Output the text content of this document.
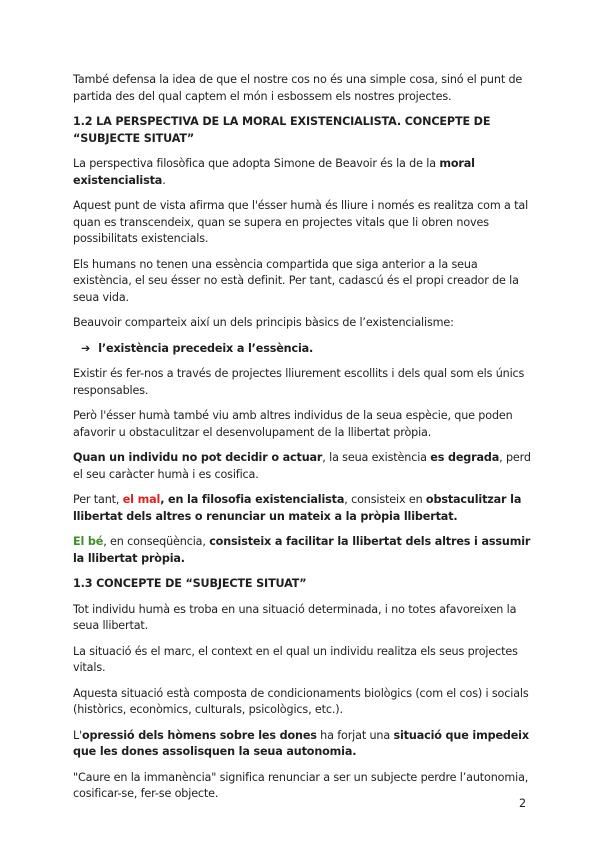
També defensa la idea de que el nostre cos no és una simple cosa, sinó el punt de partida des del qual captem el món i esbossem els nostres projectes.

1.2 LA PERSPECTIVA DE LA MORAL EXISTENCIALISTA. CONCEPTE DE “SUBJECTE SITUAT”

La perspectiva filosòfica que adopta Simone de Beavoir és la de la moral existencialista.

Aquest punt de vista afirma que l'ésser humà és lliure i només es realitza com a tal quan es transcendeix, quan se supera en projectes vitals que li obren noves possibilitats existencials.

Els humans no tenen una essència compartida que siga anterior a la seua existència, el seu ésser no està definit. Per tant, cadascú és el propi creador de la seua vida.

Beauvoir comparteix així un dels principis bàsics de l’existencialisme:

➔ l’existència precedeix a l’essència.

Existir és fer-nos a través de projectes lliurement escollits i dels qual som els únics responsables.

Però l'ésser humà també viu amb altres individus de la seua espècie, que poden afavorir u obstaculitzar el desenvolupament de la llibertat pròpia.

Quan un individu no pot decidir o actuar, la seua existència es degrada, perd el seu caràcter humà i es cosifica.

Per tant, el mal, en la filosofia existencialista, consisteix en obstaculitzar la llibertat dels altres o renunciar un mateix a la pròpia llibertat.

El bé, en conseqüència, consisteix a facilitar la llibertat dels altres i assumir la llibertat pròpia.

1.3 CONCEPTE DE “SUBJECTE SITUAT”

Tot individu humà es troba en una situació determinada, i no totes afavoreixen la seua llibertat.

La situació és el marc, el context en el qual un individu realitza els seus projectes vitals.

Aquesta situació està composta de condicionaments biològics (com el cos) i socials (històrics, econòmics, culturals, psicològics, etc.).

L'opressió dels hòmens sobre les dones ha forjat una situació que impedeix que les dones assolisquen la seua autonomia.

"Caure en la immanència" significa renunciar a ser un subjecte perdre l’autonomia, cosificar-se, fer-se objecte.

2
